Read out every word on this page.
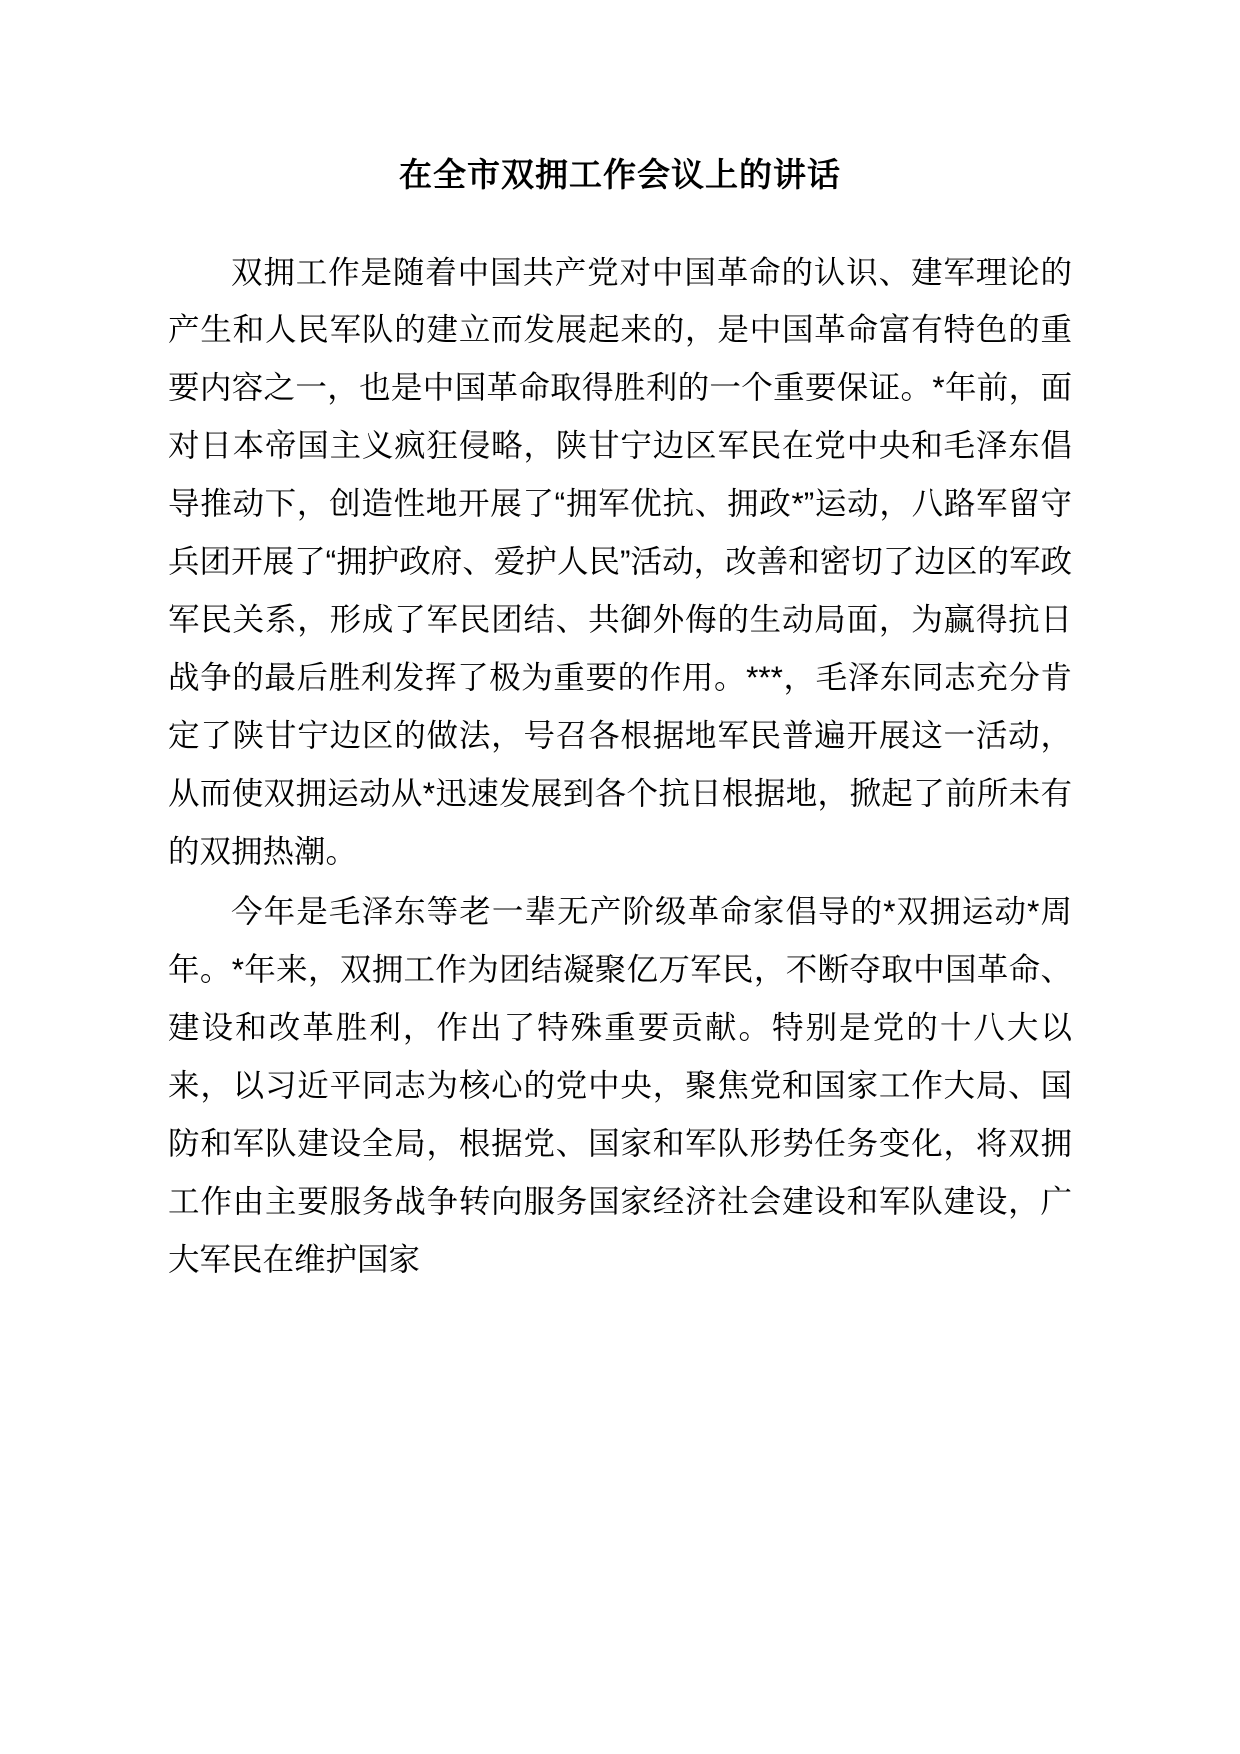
在全市双拥工作会议上的讲话

双拥工作是随着中国共产党对中国革命的认识、建军理论的产生和人民军队的建立而发展起来的，是中国革命富有特色的重要内容之一，也是中国革命取得胜利的一个重要保证。*年前，面对日本帝国主义疯狂侵略，陕甘宁边区军民在党中央和毛泽东倡导推动下，创造性地开展了“拥军优抗、拥政*”运动，八路军留守兵团开展了“拥护政府、爱护人民”活动，改善和密切了边区的军政军民关系，形成了军民团结、共御外侮的生动局面，为赢得抗日战争的最后胜利发挥了极为重要的作用。***，毛泽东同志充分肯定了陕甘宁边区的做法，号召各根据地军民普遍开展这一活动，从而使双拥运动从*迅速发展到各个抗日根据地，掀起了前所未有的双拥热潮。

今年是毛泽东等老一辈无产阶级革命家倡导的*双拥运动*周年。*年来，双拥工作为团结凝聚亿万军民，不断夺取中国革命、建设和改革胜利，作出了特殊重要贡献。特别是党的十八大以来，以习近平同志为核心的党中央，聚焦党和国家工作大局、国防和军队建设全局，根据党、国家和军队形势任务变化，将双拥工作由主要服务战争转向服务国家经济社会建设和军队建设，广大军民在维护国家
